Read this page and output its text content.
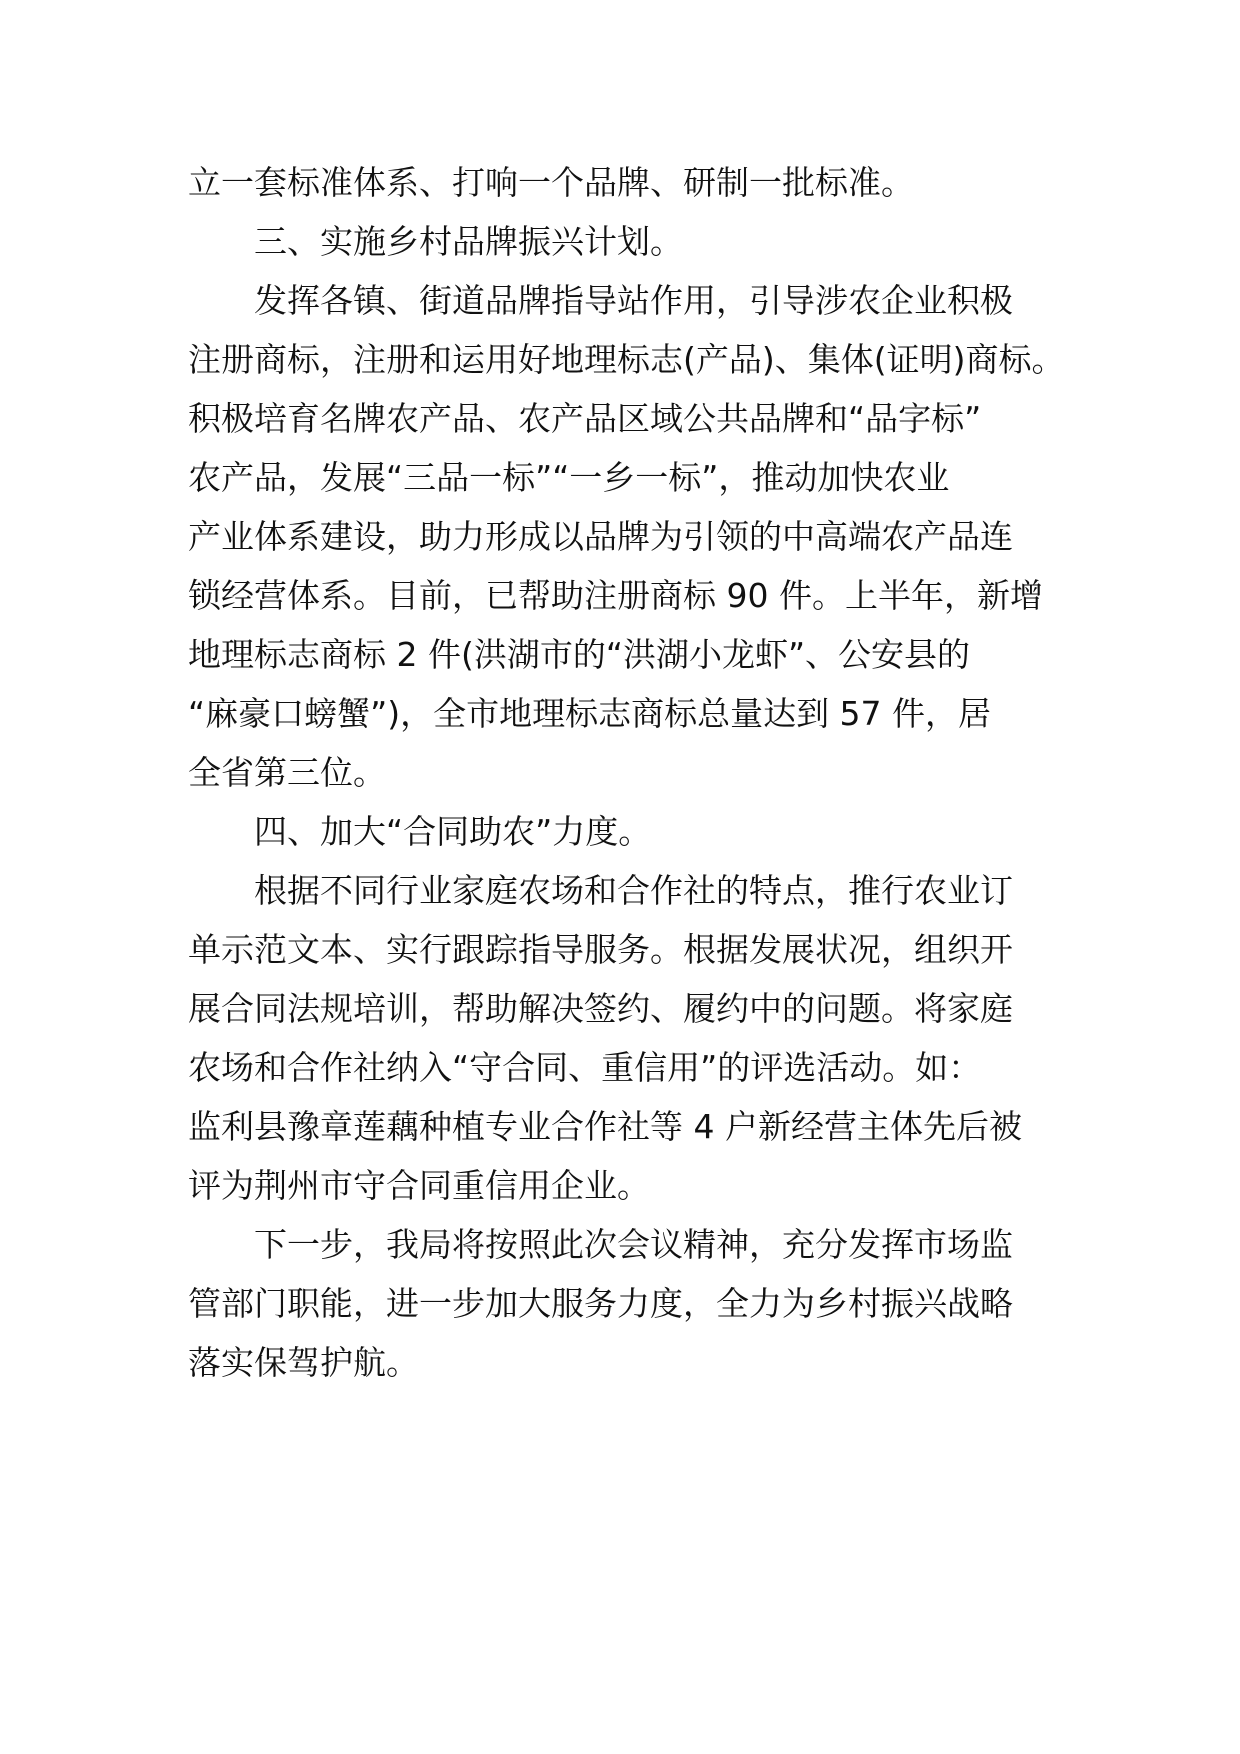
立一套标准体系、打响一个品牌、研制一批标准。
三、实施乡村品牌振兴计划。
发挥各镇、街道品牌指导站作用，引导涉农企业积极
注册商标，注册和运用好地理标志(产品)、集体(证明)商标。
积极培育名牌农产品、农产品区域公共品牌和“品字标”
农产品，发展“三品一标”“一乡一标”，推动加快农业
产业体系建设，助力形成以品牌为引领的中高端农产品连
锁经营体系。目前，已帮助注册商标 90 件。上半年，新增
地理标志商标 2 件(洪湖市的“洪湖小龙虾”、公安县的
“麻豪口螃蟹”)，全市地理标志商标总量达到 57 件，居
全省第三位。
四、加大“合同助农”力度。
根据不同行业家庭农场和合作社的特点，推行农业订
单示范文本、实行跟踪指导服务。根据发展状况，组织开
展合同法规培训，帮助解决签约、履约中的问题。将家庭
农场和合作社纳入“守合同、重信用”的评选活动。如：
监利县豫章莲藕种植专业合作社等 4 户新经营主体先后被
评为荆州市守合同重信用企业。
下一步，我局将按照此次会议精神，充分发挥市场监
管部门职能，进一步加大服务力度，全力为乡村振兴战略
落实保驾护航。
